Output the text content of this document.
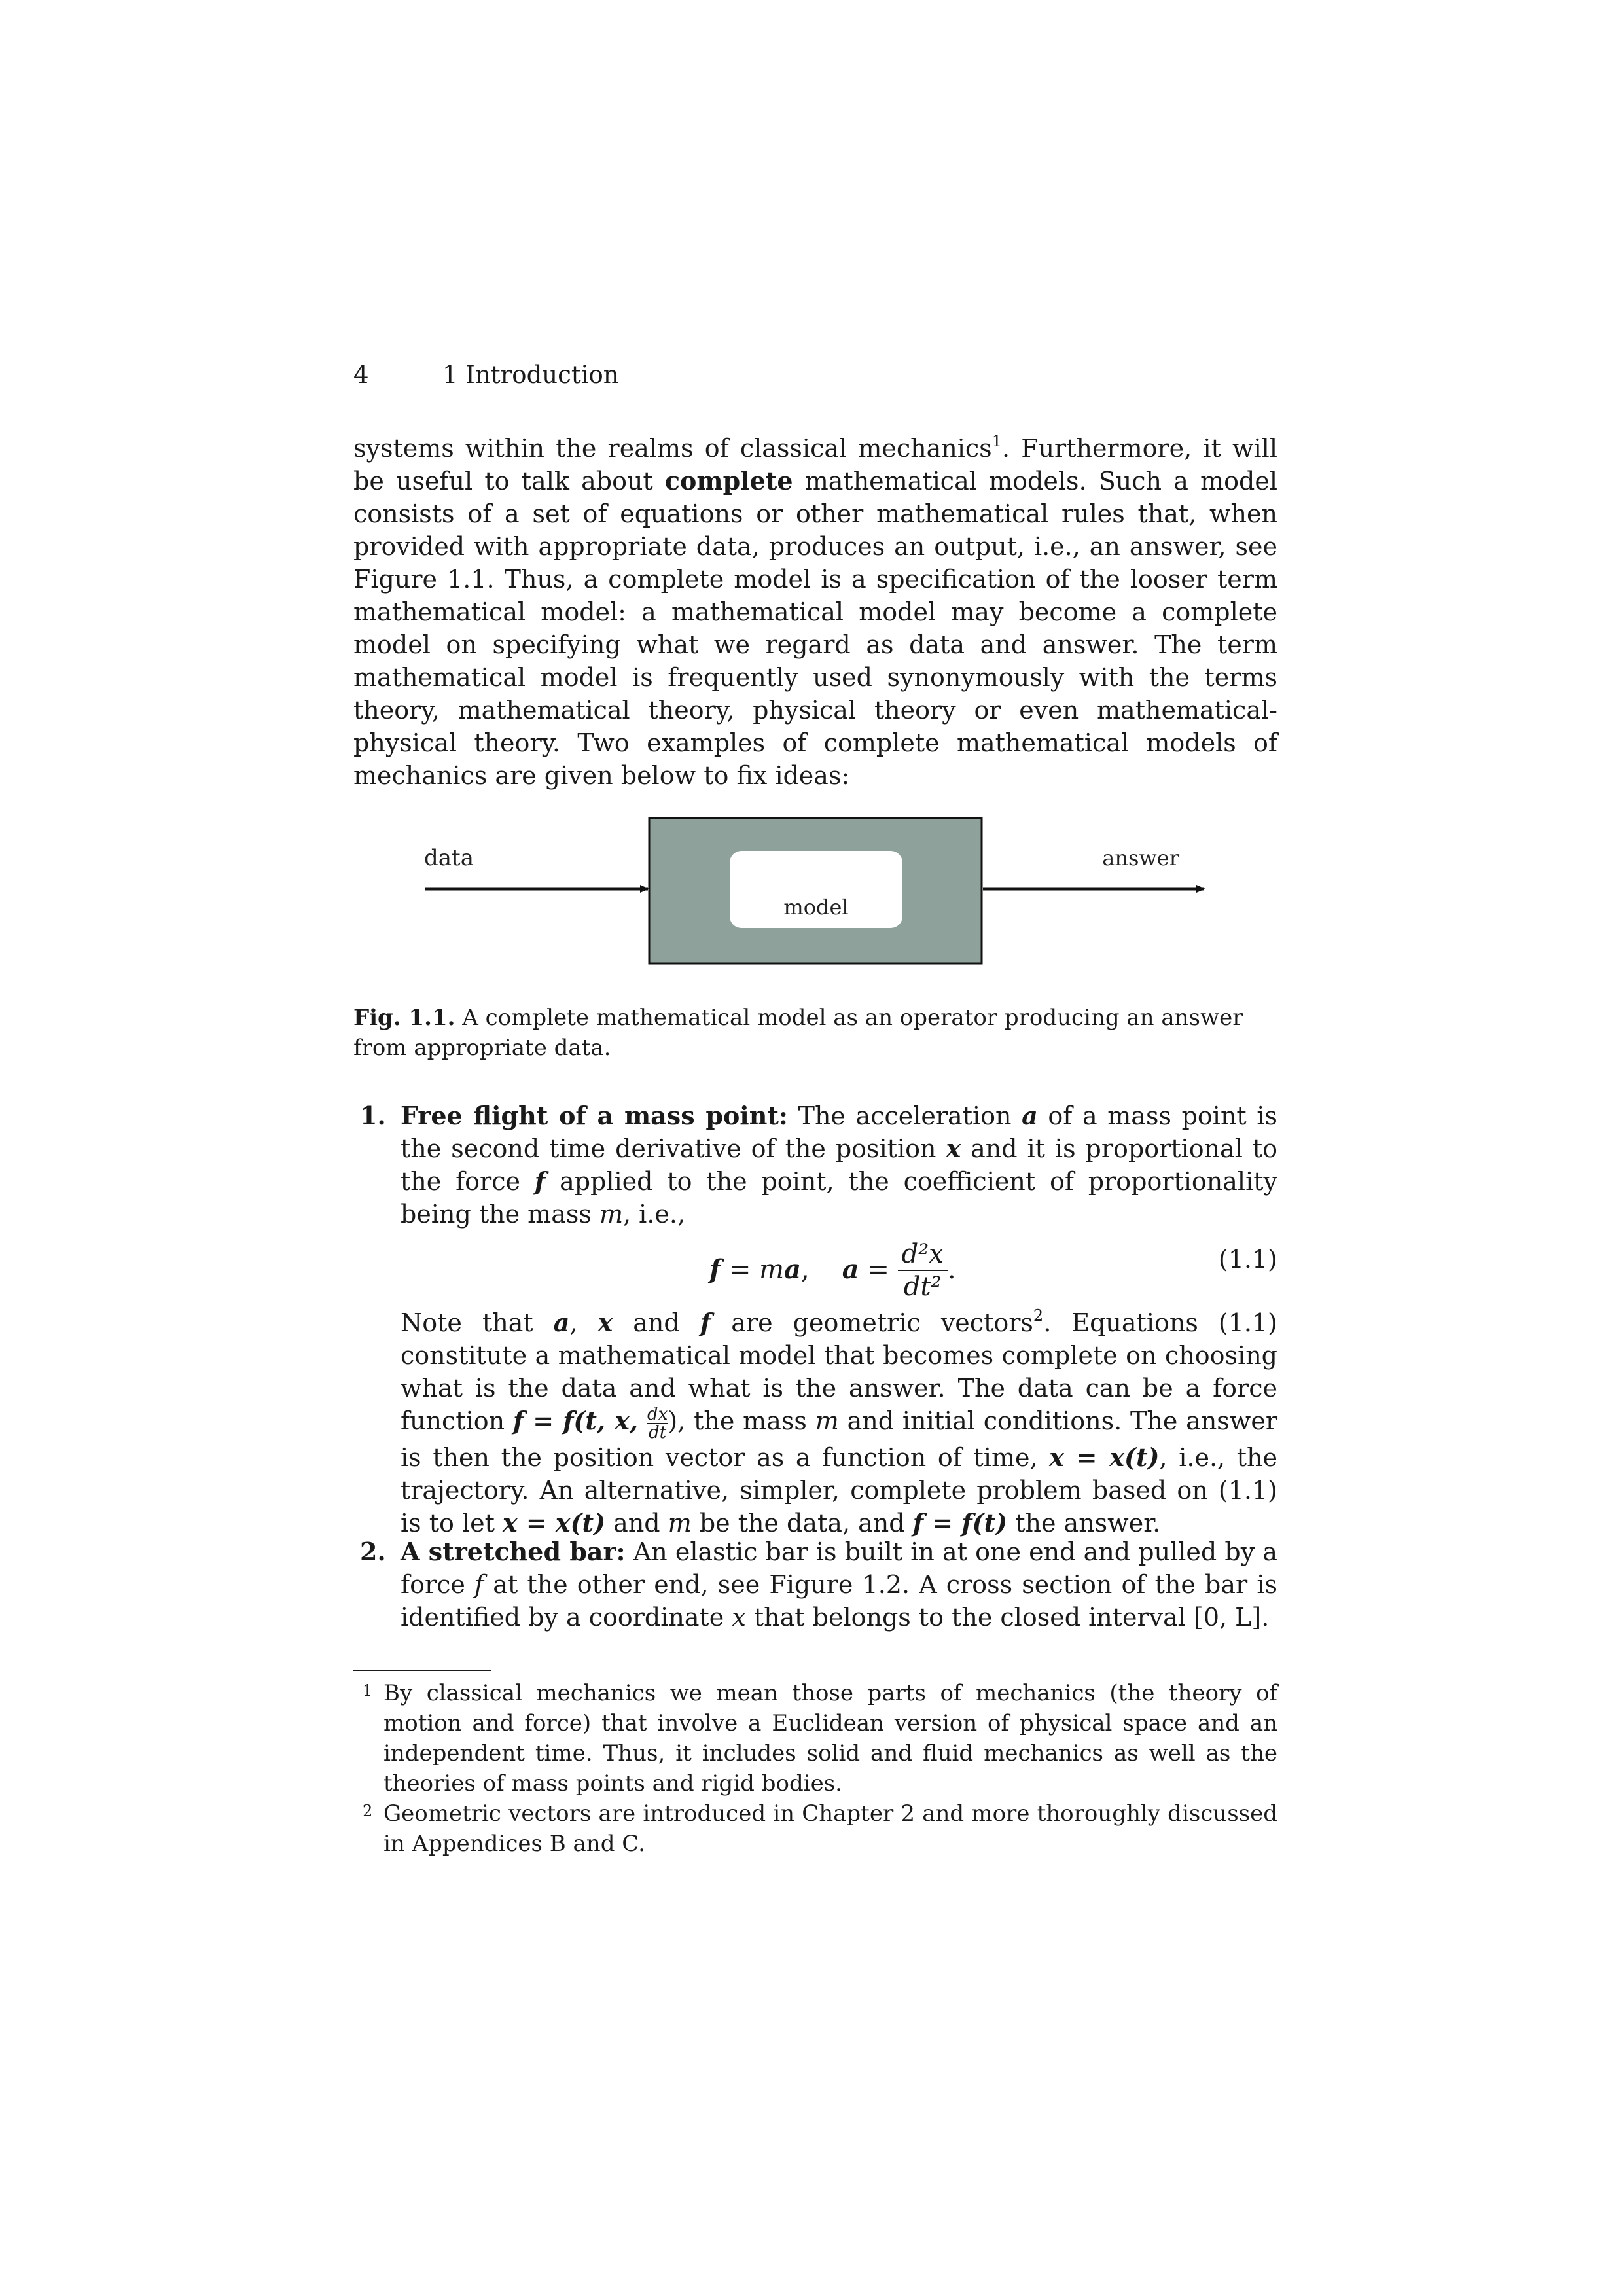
4	1 Introduction
systems within the realms of classical mechanics$^1$. Furthermore, it will be useful to talk about complete mathematical models. Such a model consists of a set of equations or other mathematical rules that, when provided with appropriate data, produces an output, i.e., an answer, see Figure 1.1. Thus, a complete model is a specification of the looser term mathematical model: a mathematical model may become a complete model on specifying what we regard as data and answer. The term mathematical model is frequently used synonymously with the terms theory, mathematical theory, physical theory or even mathematical-physical theory. Two examples of complete mathematical models of mechanics are given below to fix ideas:
data
model
answer
Fig. 1.1. A complete mathematical model as an operator producing an answer from appropriate data.
1. Free flight of a mass point: The acceleration a of a mass point is the second time derivative of the position x and it is proportional to the force f applied to the point, the coefficient of proportionality being the mass m, i.e.,
f = ma, $a = \frac{\text{d²x}}{\text{dt²}}$ .	(1.1)
Note that a, x and f are geometric vectors$^2$. Equations (1.1) constitute a mathematical model that becomes complete on choosing what is the data and what is the answer. The data can be a force function f = f(t, x, $\frac{dx}{dt}$ ), the mass m and initial conditions. The answer is then the position vector as a function of time, x = x(t), i.e., the trajectory. An alternative, simpler, complete problem based on (1.1) is to let x = x(t) and m be the data, and f = f(t) the answer.
2. A stretched bar: An elastic bar is built in at one end and pulled by a force f at the other end, see Figure 1.2. A cross section of the bar is identified by a coordinate x that belongs to the closed interval [0, L].
1 By classical mechanics we mean those parts of mechanics (the theory of motion and force) that involve a Euclidean version of physical space and an independent time. Thus, it includes solid and fluid mechanics as well as the theories of mass points and rigid bodies.
2 Geometric vectors are introduced in Chapter 2 and more thoroughly discussed in Appendices B and C.
